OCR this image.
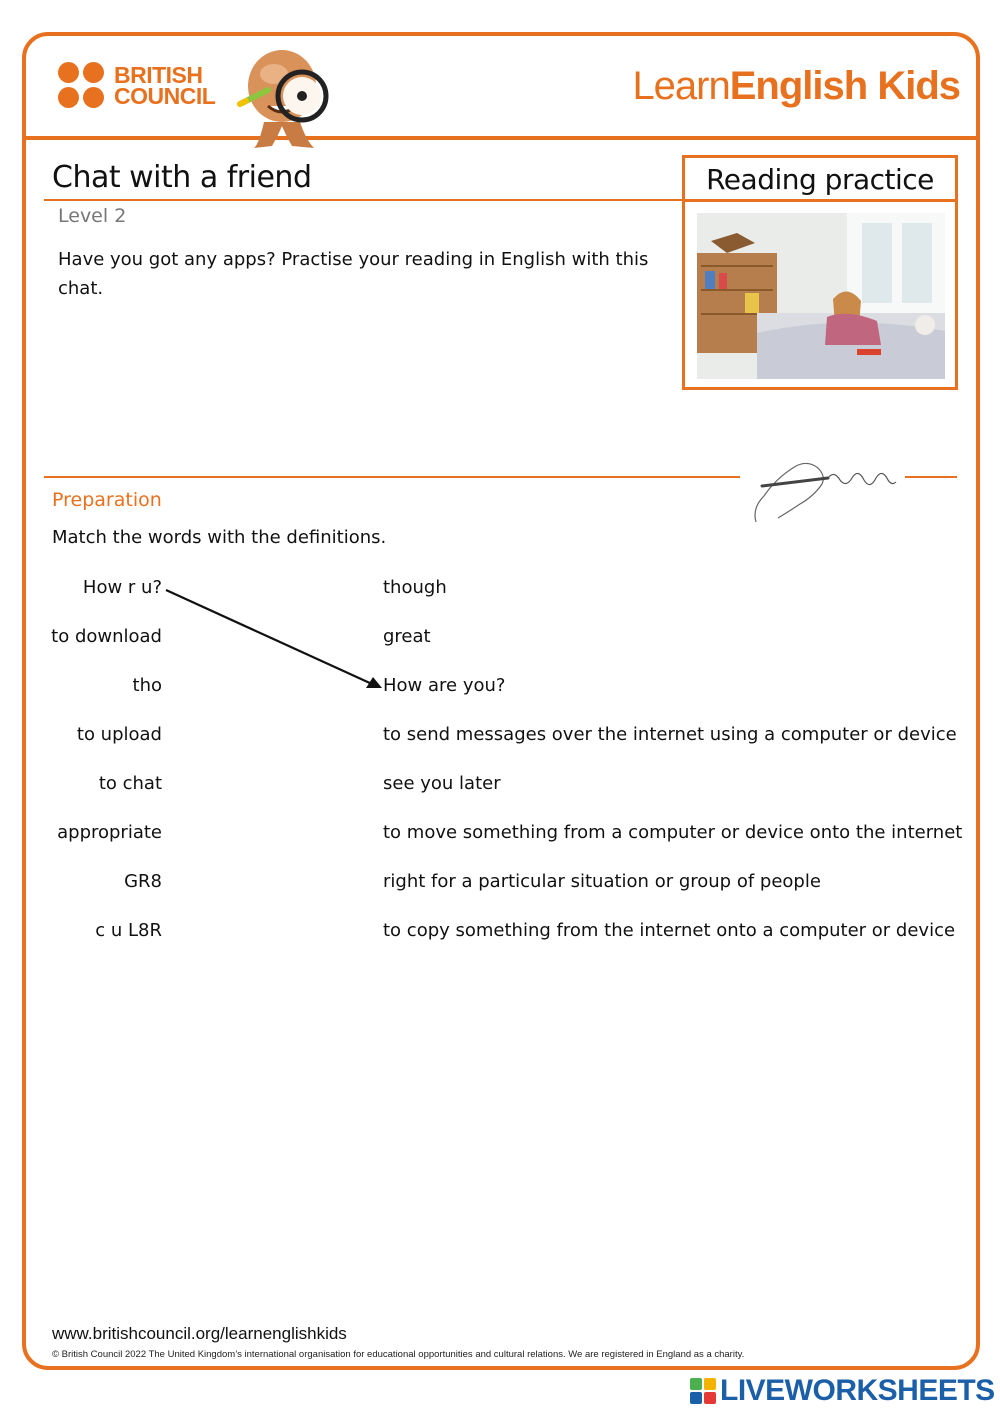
BRITISH
COUNCIL	LearnEnglish Kids
Chat with a friend
Level 2
Have you got any apps? Practise your reading in English with this chat.
Reading practice
Preparation
Match the words with the definitions.
How r u?
to download
tho
to upload
to chat
appropriate
GR8
c u L8R
though
great
How are you?
to send messages over the internet using a computer or device
see you later
to move something from a computer or device onto the internet
right for a particular situation or group of people
to copy something from the internet onto a computer or device
www.britishcouncil.org/learnenglishkids
© British Council 2022 The United Kingdom’s international organisation for educational opportunities and cultural relations. We are registered in England as a charity.
LIVEWORKSHEETS
